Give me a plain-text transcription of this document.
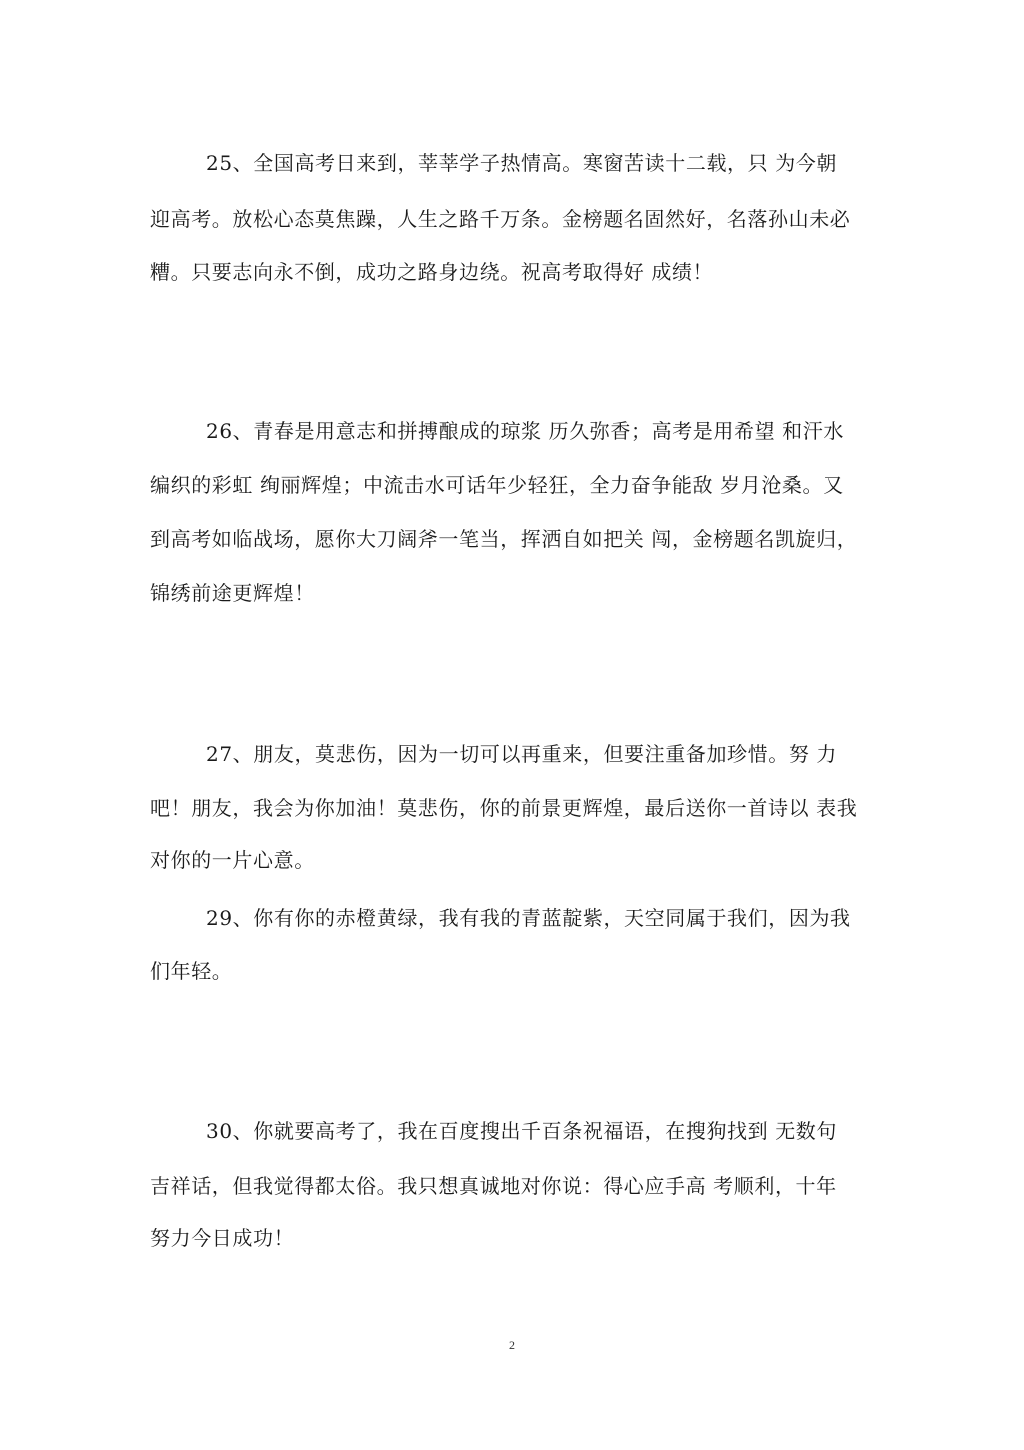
25、全国高考日来到，莘莘学子热情高。寒窗苦读十二载，只 为今朝
迎高考。放松心态莫焦躁，人生之路千万条。金榜题名固然好，名落孙山未必
糟。只要志向永不倒，成功之路身边绕。祝高考取得好 成绩！
26、青春是用意志和拼搏酿成的琼浆 历久弥香；高考是用希望 和汗水
编织的彩虹 绚丽辉煌；中流击水可话年少轻狂，全力奋争能敌 岁月沧桑。又
到高考如临战场，愿你大刀阔斧一笔当，挥洒自如把关 闯，金榜题名凯旋归，
锦绣前途更辉煌！
27、朋友，莫悲伤，因为一切可以再重来，但要注重备加珍惜。努 力
吧！朋友，我会为你加油！莫悲伤，你的前景更辉煌，最后送你一首诗以 表我
对你的一片心意。
29、你有你的赤橙黄绿，我有我的青蓝靛紫，天空同属于我们，因为我
们年轻。
30、你就要高考了，我在百度搜出千百条祝福语，在搜狗找到 无数句
吉祥话，但我觉得都太俗。我只想真诚地对你说：得心应手高 考顺利，十年
努力今日成功！
2
